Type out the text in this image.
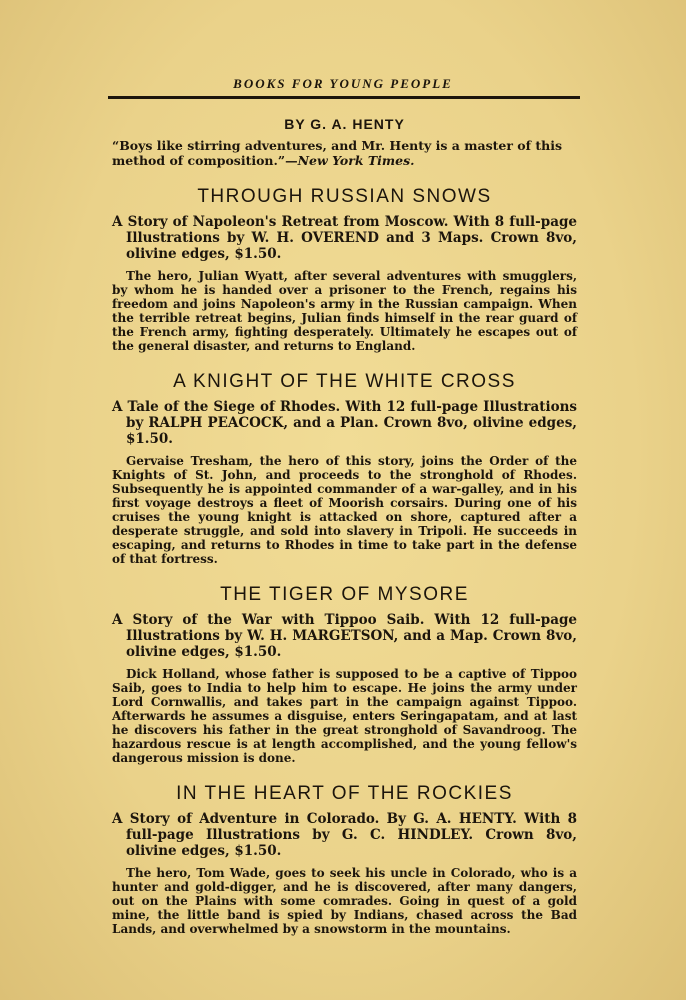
BOOKS FOR YOUNG PEOPLE
BY G. A. HENTY

“Boys like stirring adventures, and Mr. Henty is a master of this method of composition.”—New York Times.

THROUGH RUSSIAN SNOWS

A Story of Napoleon's Retreat from Moscow. With 8 full-page Illustrations by W. H. OVEREND and 3 Maps. Crown 8vo, olivine edges, $1.50.

The hero, Julian Wyatt, after several adventures with smugglers, by whom he is handed over a prisoner to the French, regains his freedom and joins Napoleon's army in the Russian campaign. When the terrible retreat begins, Julian finds himself in the rear guard of the French army, fighting desperately. Ultimately he escapes out of the general disaster, and returns to England.

A KNIGHT OF THE WHITE CROSS

A Tale of the Siege of Rhodes. With 12 full-page Illustrations by RALPH PEACOCK, and a Plan. Crown 8vo, olivine edges, $1.50.

Gervaise Tresham, the hero of this story, joins the Order of the Knights of St. John, and proceeds to the stronghold of Rhodes. Subsequently he is appointed commander of a war-galley, and in his first voyage destroys a fleet of Moorish corsairs. During one of his cruises the young knight is attacked on shore, captured after a desperate struggle, and sold into slavery in Tripoli. He succeeds in escaping, and returns to Rhodes in time to take part in the defense of that fortress.

THE TIGER OF MYSORE

A Story of the War with Tippoo Saib. With 12 full-page Illustrations by W. H. MARGETSON, and a Map. Crown 8vo, olivine edges, $1.50.

Dick Holland, whose father is supposed to be a captive of Tippoo Saib, goes to India to help him to escape. He joins the army under Lord Cornwallis, and takes part in the campaign against Tippoo. Afterwards he assumes a disguise, enters Seringapatam, and at last he discovers his father in the great stronghold of Savandroog. The hazardous rescue is at length accomplished, and the young fellow's dangerous mission is done.

IN THE HEART OF THE ROCKIES

A Story of Adventure in Colorado. By G. A. HENTY. With 8 full-page Illustrations by G. C. HINDLEY. Crown 8vo, olivine edges, $1.50.

The hero, Tom Wade, goes to seek his uncle in Colorado, who is a hunter and gold-digger, and he is discovered, after many dangers, out on the Plains with some comrades. Going in quest of a gold mine, the little band is spied by Indians, chased across the Bad Lands, and overwhelmed by a snowstorm in the mountains.
